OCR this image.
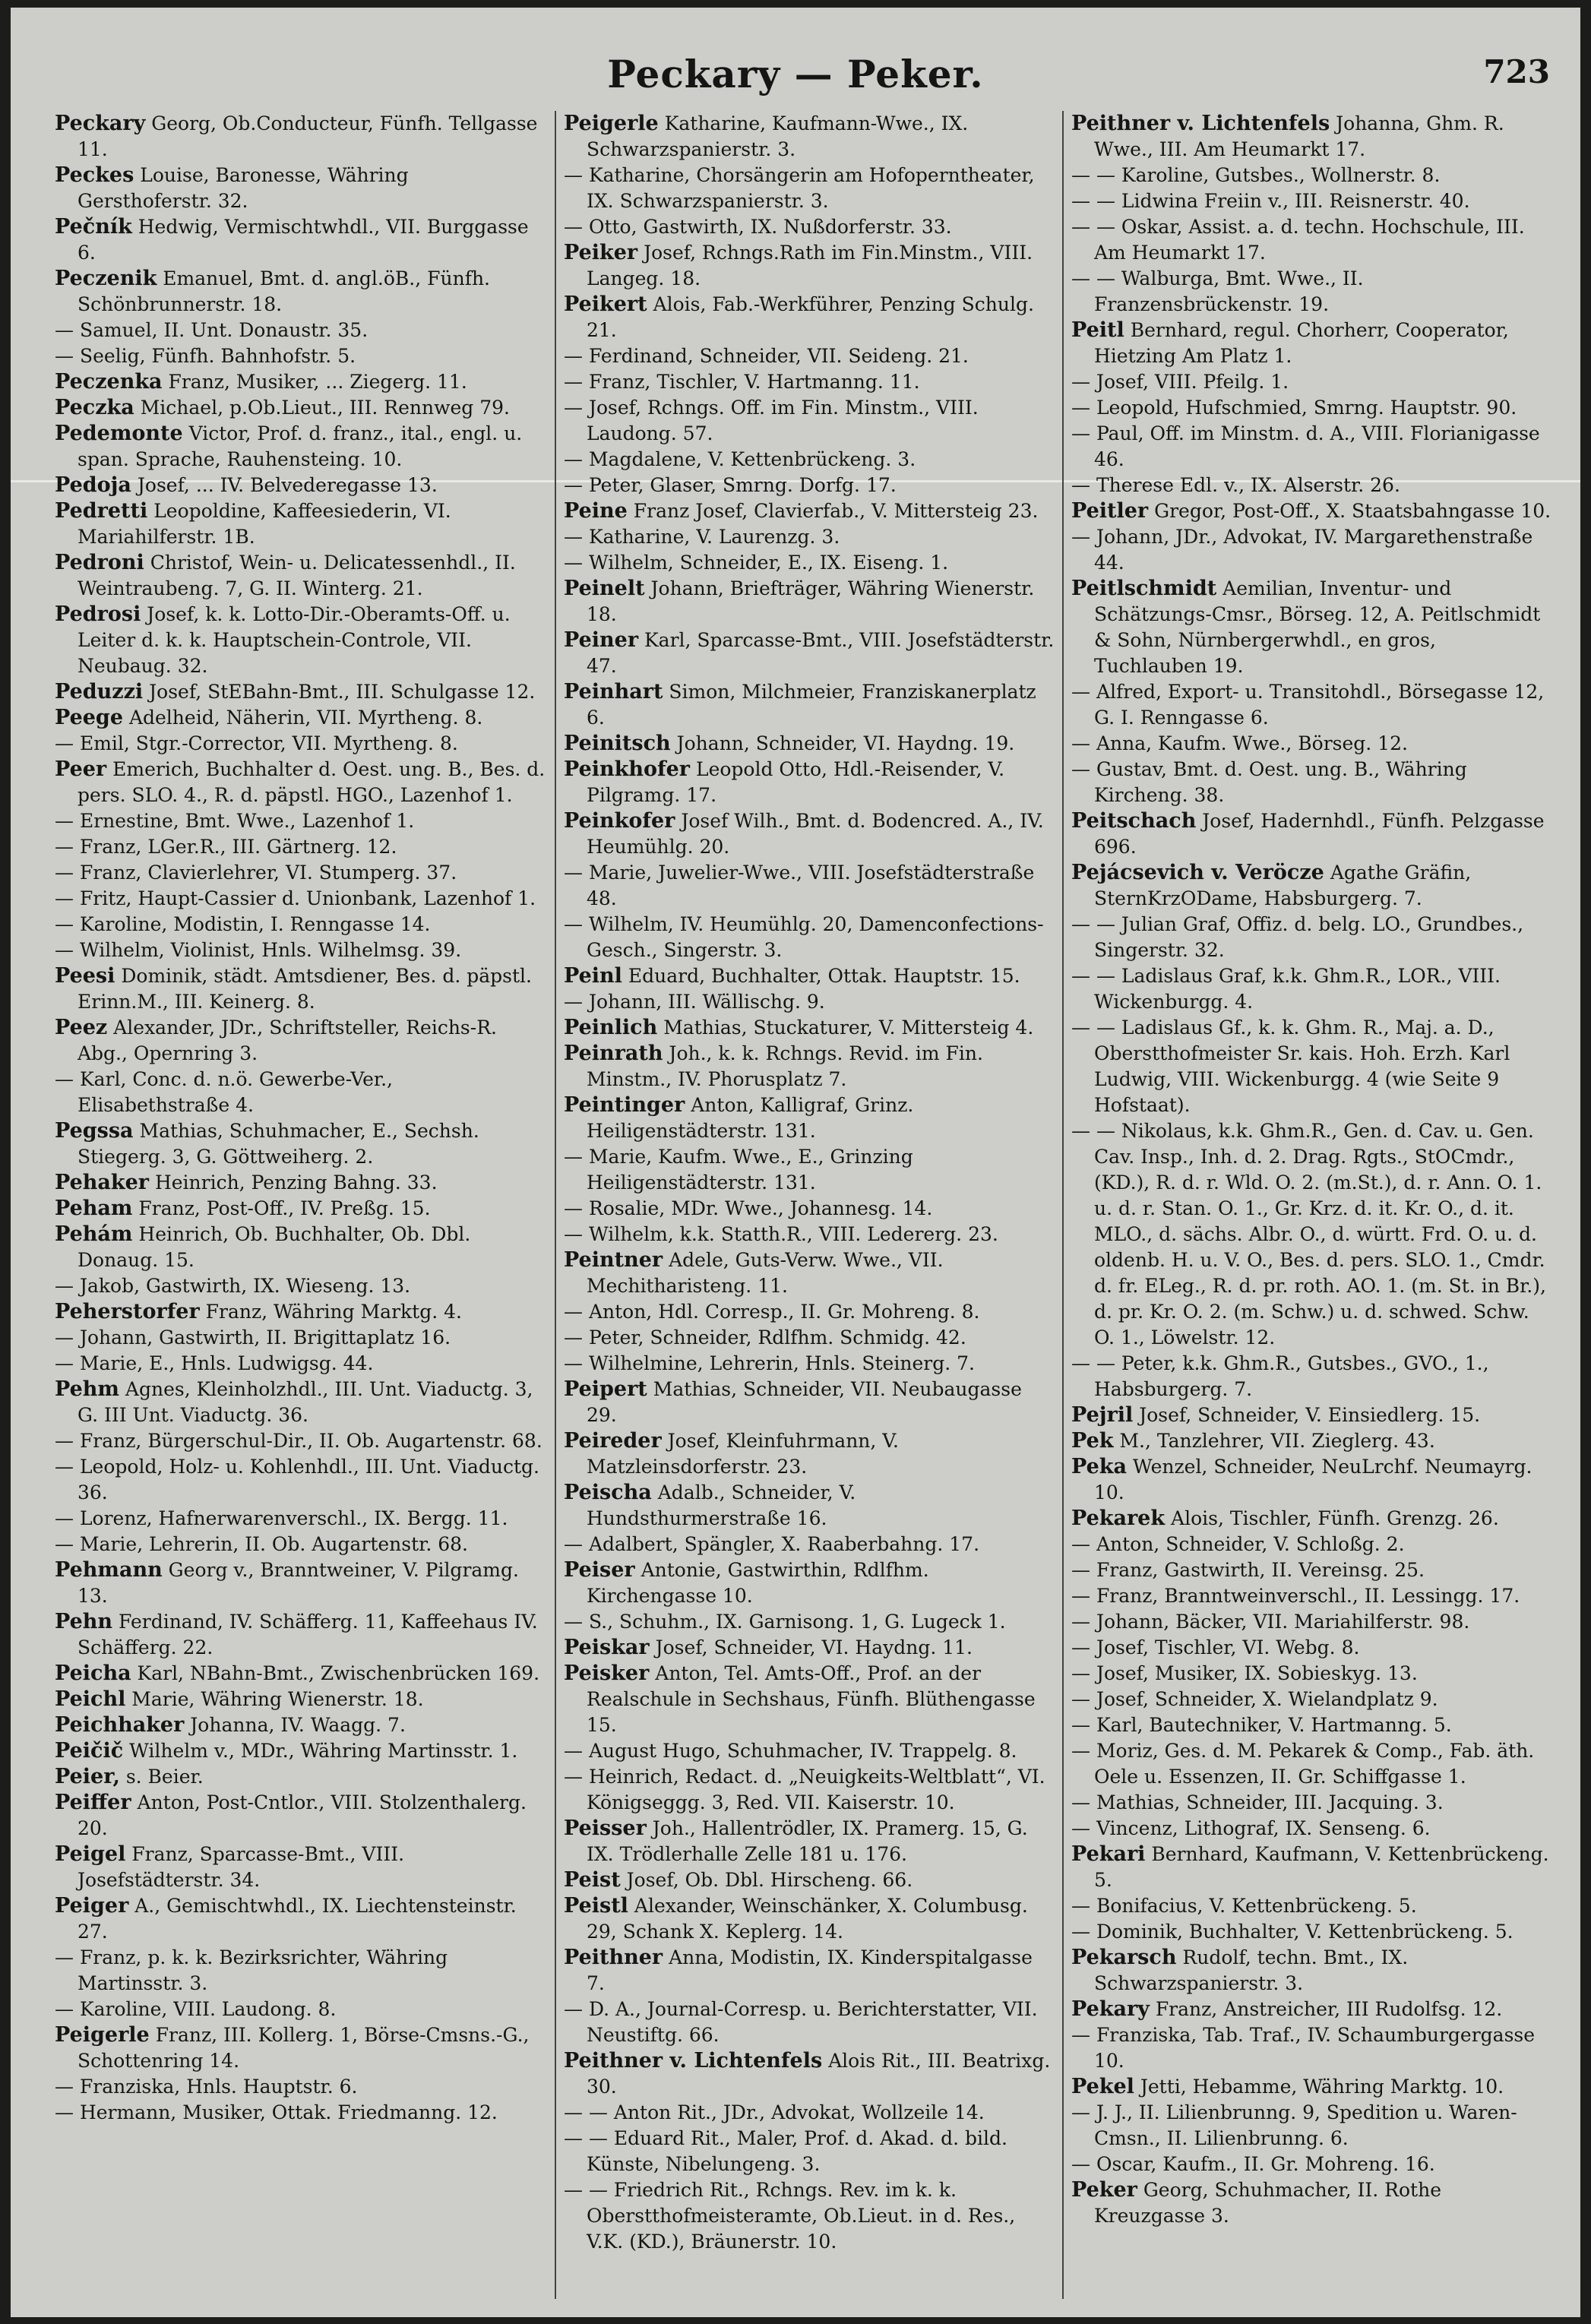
Peckary — Peker.	723
Peckary Georg, Ob.Conducteur, Fünfh. Tellgasse 11.
Peckes Louise, Baronesse, Währing Gersthoferstr. 32.
Pečník Hedwig, Vermischtwhdl., VII. Burggasse 6.
Peczenik Emanuel, Bmt. d. angl.öB., Fünfh. Schönbrunnerstr. 18.
— Samuel, II. Unt. Donaustr. 35.
— Seelig, Fünfh. Bahnhofstr. 5.
Peczenka Franz, Musiker, ... Ziegerg. 11.
Peczka Michael, p.Ob.Lieut., III. Rennweg 79.
Pedemonte Victor, Prof. d. franz., ital., engl. u. span. Sprache, Rauhensteing. 10.
Pedoja Josef, ... IV. Belvederegasse 13.
Pedretti Leopoldine, Kaffeesiederin, VI. Mariahilferstr. 1B.
Pedroni Christof, Wein- u. Delicatessenhdl., II. Weintraubeng. 7, G. II. Winterg. 21.
Pedrosi Josef, k. k. Lotto-Dir.-Oberamts-Off. u. Leiter d. k. k. Hauptschein-Controle, VII. Neubaug. 32.
Peduzzi Josef, StEBahn-Bmt., III. Schulgasse 12.
Peege Adelheid, Näherin, VII. Myrtheng. 8.
— Emil, Stgr.-Corrector, VII. Myrtheng. 8.
Peer Emerich, Buchhalter d. Oest. ung. B., Bes. d. pers. SLO. 4., R. d. päpstl. HGO., Lazenhof 1.
— Ernestine, Bmt. Wwe., Lazenhof 1.
— Franz, LGer.R., III. Gärtnerg. 12.
— Franz, Clavierlehrer, VI. Stumperg. 37.
— Fritz, Haupt-Cassier d. Unionbank, Lazenhof 1.
— Karoline, Modistin, I. Renngasse 14.
— Wilhelm, Violinist, Hnls. Wilhelmsg. 39.
Peesi Dominik, städt. Amtsdiener, Bes. d. päpstl. Erinn.M., III. Keinerg. 8.
Peez Alexander, JDr., Schriftsteller, Reichs-R. Abg., Opernring 3.
— Karl, Conc. d. n.ö. Gewerbe-Ver., Elisabethstraße 4.
Pegssa Mathias, Schuhmacher, E., Sechsh. Stiegerg. 3, G. Göttweiherg. 2.
Pehaker Heinrich, Penzing Bahng. 33.
Peham Franz, Post-Off., IV. Preßg. 15.
Pehám Heinrich, Ob. Buchhalter, Ob. Dbl. Donaug. 15.
— Jakob, Gastwirth, IX. Wieseng. 13.
Peherstorfer Franz, Währing Marktg. 4.
— Johann, Gastwirth, II. Brigittaplatz 16.
— Marie, E., Hnls. Ludwigsg. 44.
Pehm Agnes, Kleinholzhdl., III. Unt. Viaductg. 3, G. III Unt. Viaductg. 36.
— Franz, Bürgerschul-Dir., II. Ob. Augartenstr. 68.
— Leopold, Holz- u. Kohlenhdl., III. Unt. Viaductg. 36.
— Lorenz, Hafnerwarenverschl., IX. Bergg. 11.
— Marie, Lehrerin, II. Ob. Augartenstr. 68.
Pehmann Georg v., Branntweiner, V. Pilgramg. 13.
Pehn Ferdinand, IV. Schäfferg. 11, Kaffeehaus IV. Schäfferg. 22.
Peicha Karl, NBahn-Bmt., Zwischenbrücken 169.
Peichl Marie, Währing Wienerstr. 18.
Peichhaker Johanna, IV. Waagg. 7.
Peičič Wilhelm v., MDr., Währing Martinsstr. 1.
Peier, s. Beier.
Peiffer Anton, Post-Cntlor., VIII. Stolzenthalerg. 20.
Peigel Franz, Sparcasse-Bmt., VIII. Josefstädterstr. 34.
Peiger A., Gemischtwhdl., IX. Liechtensteinstr. 27.
— Franz, p. k. k. Bezirksrichter, Währing Martinsstr. 3.
— Karoline, VIII. Laudong. 8.
Peigerle Franz, III. Kollerg. 1, Börse-Cmsns.-G., Schottenring 14.
— Franziska, Hnls. Hauptstr. 6.
— Hermann, Musiker, Ottak. Friedmanng. 12.
Peigerle Katharine, Kaufmann-Wwe., IX. Schwarzspanierstr. 3.
— Katharine, Chorsängerin am Hofoperntheater, IX. Schwarzspanierstr. 3.
— Otto, Gastwirth, IX. Nußdorferstr. 33.
Peiker Josef, Rchngs.Rath im Fin.Minstm., VIII. Langeg. 18.
Peikert Alois, Fab.-Werkführer, Penzing Schulg. 21.
— Ferdinand, Schneider, VII. Seideng. 21.
— Franz, Tischler, V. Hartmanng. 11.
— Josef, Rchngs. Off. im Fin. Minstm., VIII. Laudong. 57.
— Magdalene, V. Kettenbrückeng. 3.
— Peter, Glaser, Smrng. Dorfg. 17.
Peine Franz Josef, Clavierfab., V. Mittersteig 23.
— Katharine, V. Laurenzg. 3.
— Wilhelm, Schneider, E., IX. Eiseng. 1.
Peinelt Johann, Briefträger, Währing Wienerstr. 18.
Peiner Karl, Sparcasse-Bmt., VIII. Josefstädterstr. 47.
Peinhart Simon, Milchmeier, Franziskanerplatz 6.
Peinitsch Johann, Schneider, VI. Haydng. 19.
Peinkhofer Leopold Otto, Hdl.-Reisender, V. Pilgramg. 17.
Peinkofer Josef Wilh., Bmt. d. Bodencred. A., IV. Heumühlg. 20.
— Marie, Juwelier-Wwe., VIII. Josefstädterstraße 48.
— Wilhelm, IV. Heumühlg. 20, Damenconfections-Gesch., Singerstr. 3.
Peinl Eduard, Buchhalter, Ottak. Hauptstr. 15.
— Johann, III. Wällischg. 9.
Peinlich Mathias, Stuckaturer, V. Mittersteig 4.
Peinrath Joh., k. k. Rchngs. Revid. im Fin. Minstm., IV. Phorusplatz 7.
Peintinger Anton, Kalligraf, Grinz. Heiligenstädterstr. 131.
— Marie, Kaufm. Wwe., E., Grinzing Heiligenstädterstr. 131.
— Rosalie, MDr. Wwe., Johannesg. 14.
— Wilhelm, k.k. Statth.R., VIII. Ledererg. 23.
Peintner Adele, Guts-Verw. Wwe., VII. Mechitharisteng. 11.
— Anton, Hdl. Corresp., II. Gr. Mohreng. 8.
— Peter, Schneider, Rdlfhm. Schmidg. 42.
— Wilhelmine, Lehrerin, Hnls. Steinerg. 7.
Peipert Mathias, Schneider, VII. Neubaugasse 29.
Peireder Josef, Kleinfuhrmann, V. Matzleinsdorferstr. 23.
Peischa Adalb., Schneider, V. Hundsthurmerstraße 16.
— Adalbert, Spängler, X. Raaberbahng. 17.
Peiser Antonie, Gastwirthin, Rdlfhm. Kirchengasse 10.
— S., Schuhm., IX. Garnisong. 1, G. Lugeck 1.
Peiskar Josef, Schneider, VI. Haydng. 11.
Peisker Anton, Tel. Amts-Off., Prof. an der Realschule in Sechshaus, Fünfh. Blüthengasse 15.
— August Hugo, Schuhmacher, IV. Trappelg. 8.
— Heinrich, Redact. d. „Neuigkeits-Weltblatt“, VI. Königseggg. 3, Red. VII. Kaiserstr. 10.
Peisser Joh., Hallentrödler, IX. Pramerg. 15, G. IX. Trödlerhalle Zelle 181 u. 176.
Peist Josef, Ob. Dbl. Hirscheng. 66.
Peistl Alexander, Weinschänker, X. Columbusg. 29, Schank X. Keplerg. 14.
Peithner Anna, Modistin, IX. Kinderspitalgasse 7.
— D. A., Journal-Corresp. u. Berichterstatter, VII. Neustiftg. 66.
Peithner v. Lichtenfels Alois Rit., III. Beatrixg. 30.
— — Anton Rit., JDr., Advokat, Wollzeile 14.
— — Eduard Rit., Maler, Prof. d. Akad. d. bild. Künste, Nibelungeng. 3.
— — Friedrich Rit., Rchngs. Rev. im k. k. Oberstthofmeisteramte, Ob.Lieut. in d. Res., V.K. (KD.), Bräunerstr. 10.
Peithner v. Lichtenfels Johanna, Ghm. R. Wwe., III. Am Heumarkt 17.
— — Karoline, Gutsbes., Wollnerstr. 8.
— — Lidwina Freiin v., III. Reisnerstr. 40.
— — Oskar, Assist. a. d. techn. Hochschule, III. Am Heumarkt 17.
— — Walburga, Bmt. Wwe., II. Franzensbrückenstr. 19.
Peitl Bernhard, regul. Chorherr, Cooperator, Hietzing Am Platz 1.
— Josef, VIII. Pfeilg. 1.
— Leopold, Hufschmied, Smrng. Hauptstr. 90.
— Paul, Off. im Minstm. d. A., VIII. Florianigasse 46.
— Therese Edl. v., IX. Alserstr. 26.
Peitler Gregor, Post-Off., X. Staatsbahngasse 10.
— Johann, JDr., Advokat, IV. Margarethenstraße 44.
Peitlschmidt Aemilian, Inventur- und Schätzungs-Cmsr., Börseg. 12, A. Peitlschmidt & Sohn, Nürnbergerwhdl., en gros, Tuchlauben 19.
— Alfred, Export- u. Transitohdl., Börsegasse 12, G. I. Renngasse 6.
— Anna, Kaufm. Wwe., Börseg. 12.
— Gustav, Bmt. d. Oest. ung. B., Währing Kircheng. 38.
Peitschach Josef, Hadernhdl., Fünfh. Pelzgasse 696.
Pejácsevich v. Veröcze Agathe Gräfin, SternKrzODame, Habsburgerg. 7.
— — Julian Graf, Offiz. d. belg. LO., Grundbes., Singerstr. 32.
— — Ladislaus Graf, k.k. Ghm.R., LOR., VIII. Wickenburgg. 4.
— — Ladislaus Gf., k. k. Ghm. R., Maj. a. D., Oberstthofmeister Sr. kais. Hoh. Erzh. Karl Ludwig, VIII. Wickenburgg. 4 (wie Seite 9 Hofstaat).
— — Nikolaus, k.k. Ghm.R., Gen. d. Cav. u. Gen. Cav. Insp., Inh. d. 2. Drag. Rgts., StOCmdr., (KD.), R. d. r. Wld. O. 2. (m.St.), d. r. Ann. O. 1. u. d. r. Stan. O. 1., Gr. Krz. d. it. Kr. O., d. it. MLO., d. sächs. Albr. O., d. württ. Frd. O. u. d. oldenb. H. u. V. O., Bes. d. pers. SLO. 1., Cmdr. d. fr. ELeg., R. d. pr. roth. AO. 1. (m. St. in Br.), d. pr. Kr. O. 2. (m. Schw.) u. d. schwed. Schw. O. 1., Löwelstr. 12.
— — Peter, k.k. Ghm.R., Gutsbes., GVO., 1., Habsburgerg. 7.
Pejril Josef, Schneider, V. Einsiedlerg. 15.
Pek M., Tanzlehrer, VII. Zieglerg. 43.
Peka Wenzel, Schneider, NeuLrchf. Neumayrg. 10.
Pekarek Alois, Tischler, Fünfh. Grenzg. 26.
— Anton, Schneider, V. Schloßg. 2.
— Franz, Gastwirth, II. Vereinsg. 25.
— Franz, Branntweinverschl., II. Lessingg. 17.
— Johann, Bäcker, VII. Mariahilferstr. 98.
— Josef, Tischler, VI. Webg. 8.
— Josef, Musiker, IX. Sobieskyg. 13.
— Josef, Schneider, X. Wielandplatz 9.
— Karl, Bautechniker, V. Hartmanng. 5.
— Moriz, Ges. d. M. Pekarek & Comp., Fab. äth. Oele u. Essenzen, II. Gr. Schiffgasse 1.
— Mathias, Schneider, III. Jacquing. 3.
— Vincenz, Lithograf, IX. Senseng. 6.
Pekari Bernhard, Kaufmann, V. Kettenbrückeng. 5.
— Bonifacius, V. Kettenbrückeng. 5.
— Dominik, Buchhalter, V. Kettenbrückeng. 5.
Pekarsch Rudolf, techn. Bmt., IX. Schwarzspanierstr. 3.
Pekary Franz, Anstreicher, III Rudolfsg. 12.
— Franziska, Tab. Traf., IV. Schaumburgergasse 10.
Pekel Jetti, Hebamme, Währing Marktg. 10.
— J. J., II. Lilienbrunng. 9, Spedition u. Waren-Cmsn., II. Lilienbrunng. 6.
— Oscar, Kaufm., II. Gr. Mohreng. 16.
Peker Georg, Schuhmacher, II. Rothe Kreuzgasse 3.
